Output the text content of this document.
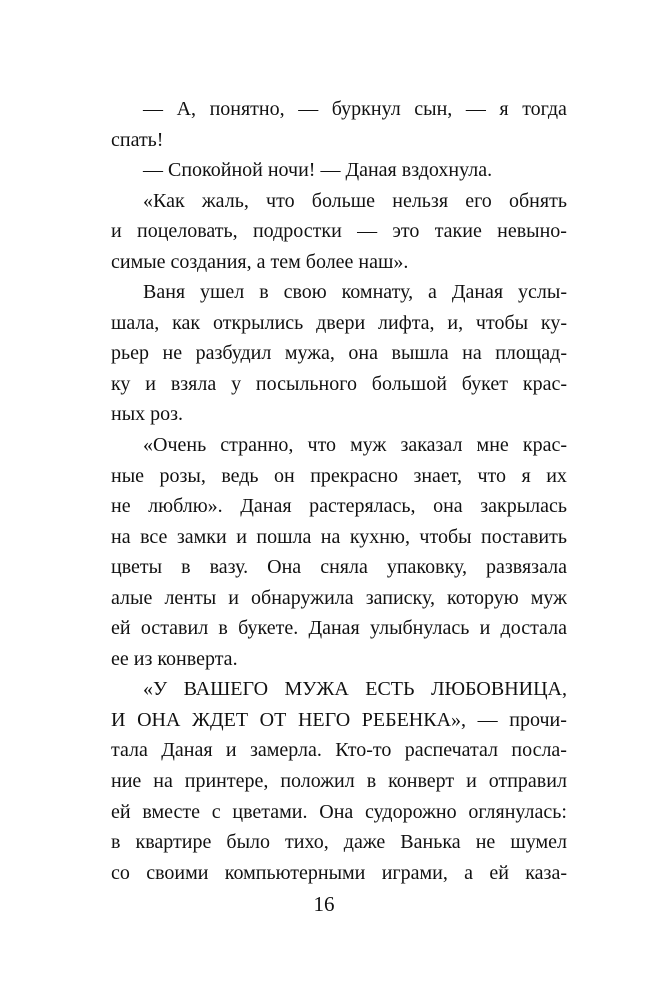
— А, понятно, — буркнул сын, — я тогда
спать!
— Спокойной ночи! — Даная вздохнула.
«Как жаль, что больше нельзя его обнять
и поцеловать, подростки — это такие невыно-
симые создания, а тем более наш».
Ваня ушел в свою комнату, а Даная услы-
шала, как открылись двери лифта, и, чтобы ку-
рьер не разбудил мужа, она вышла на площад-
ку и взяла у посыльного большой букет крас-
ных роз.
«Очень странно, что муж заказал мне крас-
ные розы, ведь он прекрасно знает, что я их
не люблю». Даная растерялась, она закрылась
на все замки и пошла на кухню, чтобы поставить
цветы в вазу. Она сняла упаковку, развязала
алые ленты и обнаружила записку, которую муж
ей оставил в букете. Даная улыбнулась и достала
ее из конверта.
«У ВАШЕГО МУЖА ЕСТЬ ЛЮБОВНИЦА,
И ОНА ЖДЕТ ОТ НЕГО РЕБЕНКА», — прочи-
тала Даная и замерла. Кто-то распечатал посла-
ние на принтере, положил в конверт и отправил
ей вместе с цветами. Она судорожно оглянулась:
в квартире было тихо, даже Ванька не шумел
со своими компьютерными играми, а ей каза-
16
